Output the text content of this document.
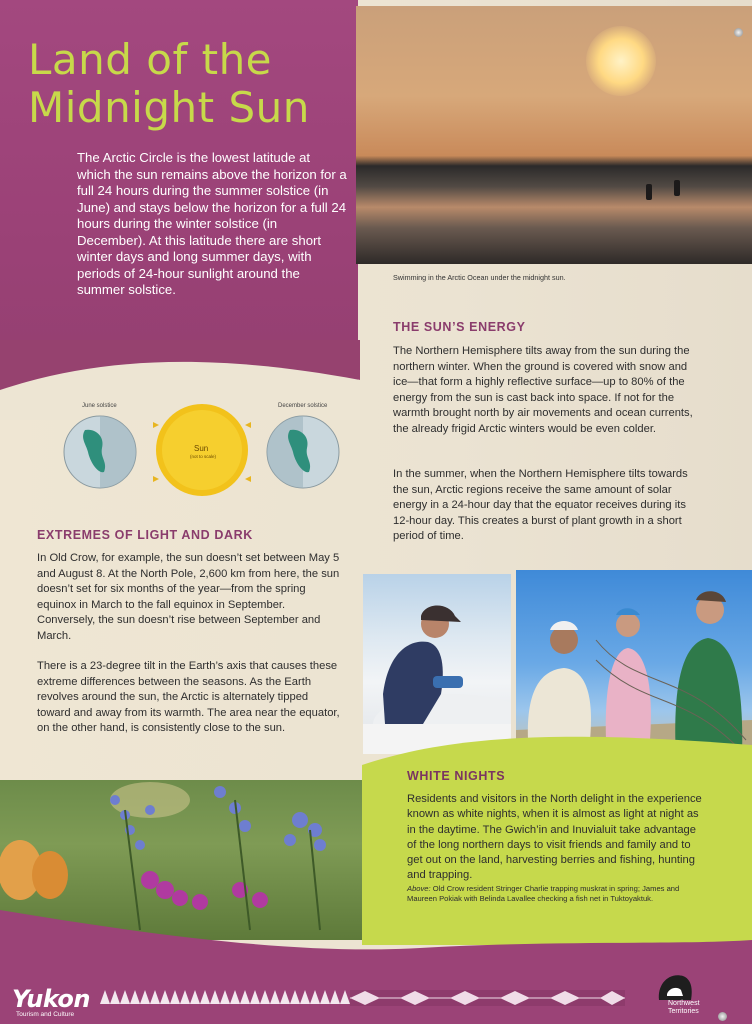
Land of the
Midnight Sun

The Arctic Circle is the lowest latitude at which the sun remains above the horizon for a full 24 hours during the summer solstice (in June) and stays below the horizon for a full 24 hours during the winter solstice (in December). At this latitude there are short winter days and long summer days, with periods of 24-hour sunlight around the summer solstice.

Swimming in the Arctic Ocean under the midnight sun.

THE SUN’S ENERGY

The Northern Hemisphere tilts away from the sun during the northern winter. When the ground is covered with snow and ice—that form a highly reflective surface—up to 80% of the energy from the sun is cast back into space. If not for the warmth brought north by air movements and ocean currents, the already frigid Arctic winters would be even colder.

In the summer, when the Northern Hemisphere tilts towards the sun, Arctic regions receive the same amount of solar energy in a 24-hour day that the equator receives during its 12-hour day. This creates a burst of plant growth in a short period of time.

June solstice	December solstice
Sun
(not to scale)
EXTREMES OF LIGHT AND DARK

In Old Crow, for example, the sun doesn’t set between May 5 and August 8. At the North Pole, 2,600 km from here, the sun doesn’t set for six months of the year—from the spring equinox in March to the fall equinox in September. Conversely, the sun doesn’t rise between September and March.

There is a 23-degree tilt in the Earth’s axis that causes these extreme differences between the seasons. As the Earth revolves around the sun, the Arctic is alternately tipped toward and away from its warmth. The area near the equator, on the other hand, is consistently close to the sun.

WHITE NIGHTS

Residents and visitors in the North delight in the experience known as white nights, when it is almost as light at night as in the daytime. The Gwich’in and Inuvialuit take advantage of the long northern days to visit friends and family and to get out on the land, harvesting berries and fishing, hunting and trapping.

Above: Old Crow resident Stringer Charlie trapping muskrat in spring; James and Maureen Pokiak with Belinda Lavallee checking a fish net in Tuktoyaktuk.

Yukon
Tourism and Culture
Northwest
Territories
